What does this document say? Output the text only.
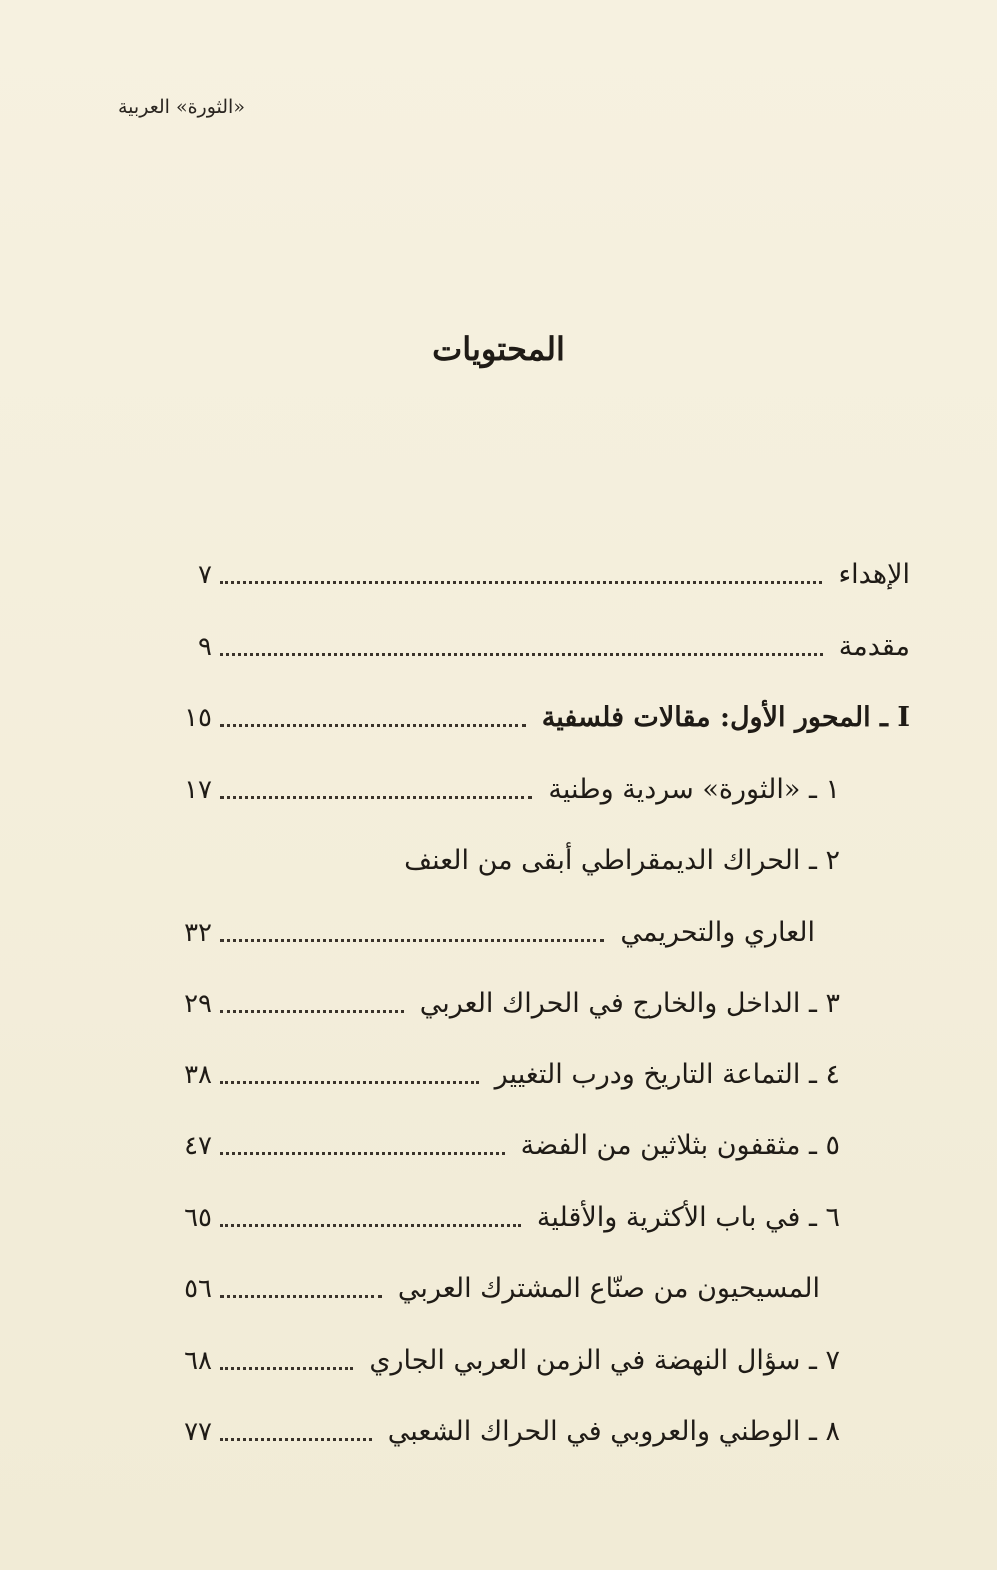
«الثورة» العربية
المحتويات
الإهداء
٧
مقدمة
٩
I ـ المحور الأول: مقالات فلسفية
١٥
١ ـ «الثورة» سردية وطنية
١٧
٢ ـ الحراك الديمقراطي أبقى من العنف
العاري والتحريمي
٣٢
٣ ـ الداخل والخارج في الحراك العربي
٢٩
٤ ـ التماعة التاريخ ودرب التغيير
٣٨
٥ ـ مثقفون بثلاثين من الفضة
٤٧
٦ ـ في باب الأكثرية والأقلية
٦٥
المسيحيون من صنّاع المشترك العربي
٥٦
٧ ـ سؤال النهضة في الزمن العربي الجاري
٦٨
٨ ـ الوطني والعروبي في الحراك الشعبي
٧٧
